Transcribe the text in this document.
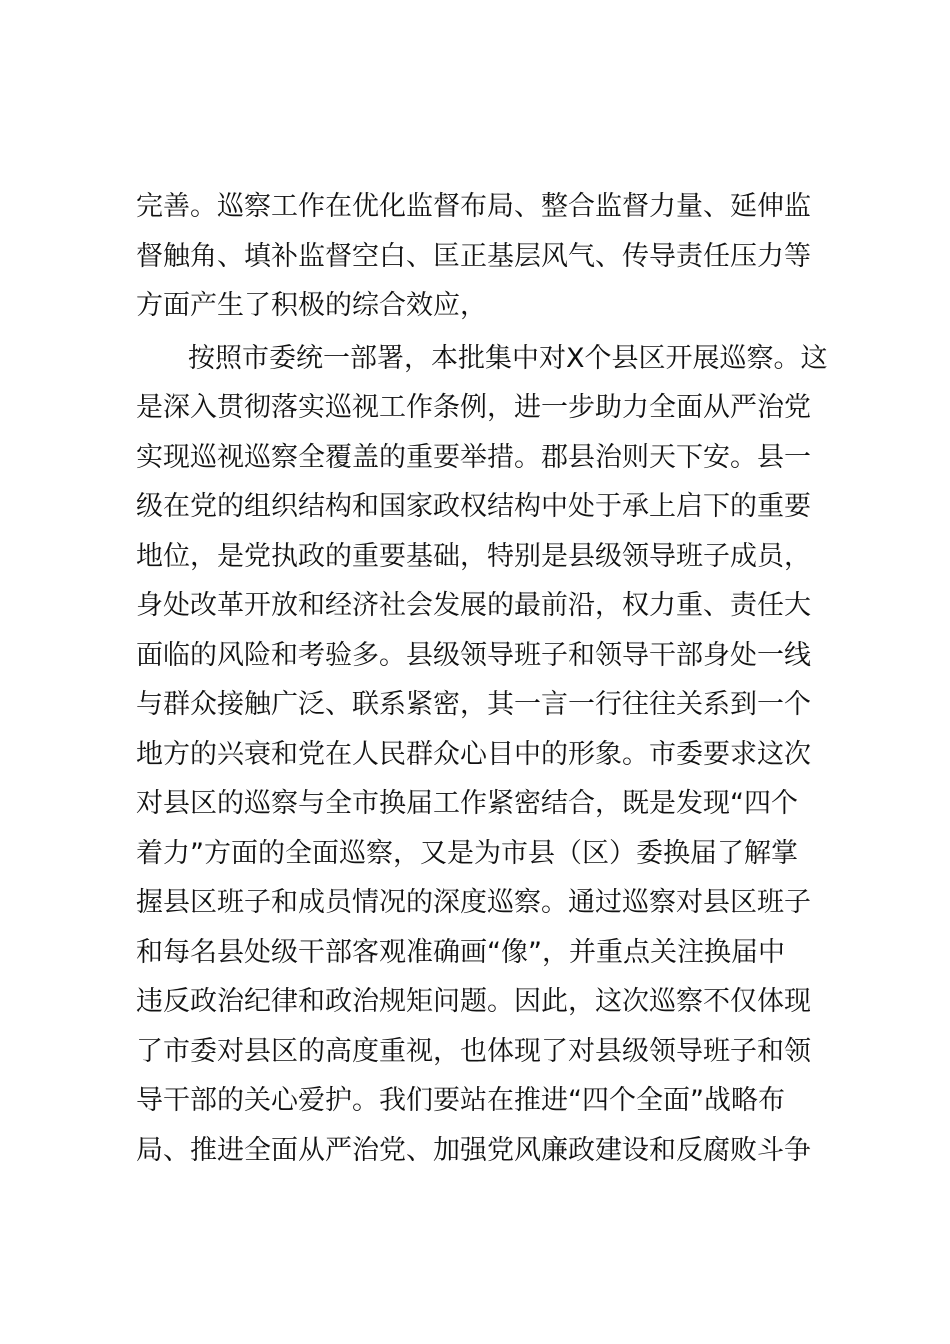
完善。巡察工作在优化监督布局、整合监督力量、延伸监
督触角、填补监督空白、匡正基层风气、传导责任压力等
方面产生了积极的综合效应，
按照市委统一部署，本批集中对X个县区开展巡察。这
是深入贯彻落实巡视工作条例，进一步助力全面从严治党
实现巡视巡察全覆盖的重要举措。郡县治则天下安。县一
级在党的组织结构和国家政权结构中处于承上启下的重要
地位，是党执政的重要基础，特别是县级领导班子成员，
身处改革开放和经济社会发展的最前沿，权力重、责任大
面临的风险和考验多。县级领导班子和领导干部身处一线
与群众接触广泛、联系紧密，其一言一行往往关系到一个
地方的兴衰和党在人民群众心目中的形象。市委要求这次
对县区的巡察与全市换届工作紧密结合，既是发现“四个
着力”方面的全面巡察，又是为市县（区）委换届了解掌
握县区班子和成员情况的深度巡察。通过巡察对县区班子
和每名县处级干部客观准确画“像”，并重点关注换届中
违反政治纪律和政治规矩问题。因此，这次巡察不仅体现
了市委对县区的高度重视，也体现了对县级领导班子和领
导干部的关心爱护。我们要站在推进“四个全面”战略布
局、推进全面从严治党、加强党风廉政建设和反腐败斗争
